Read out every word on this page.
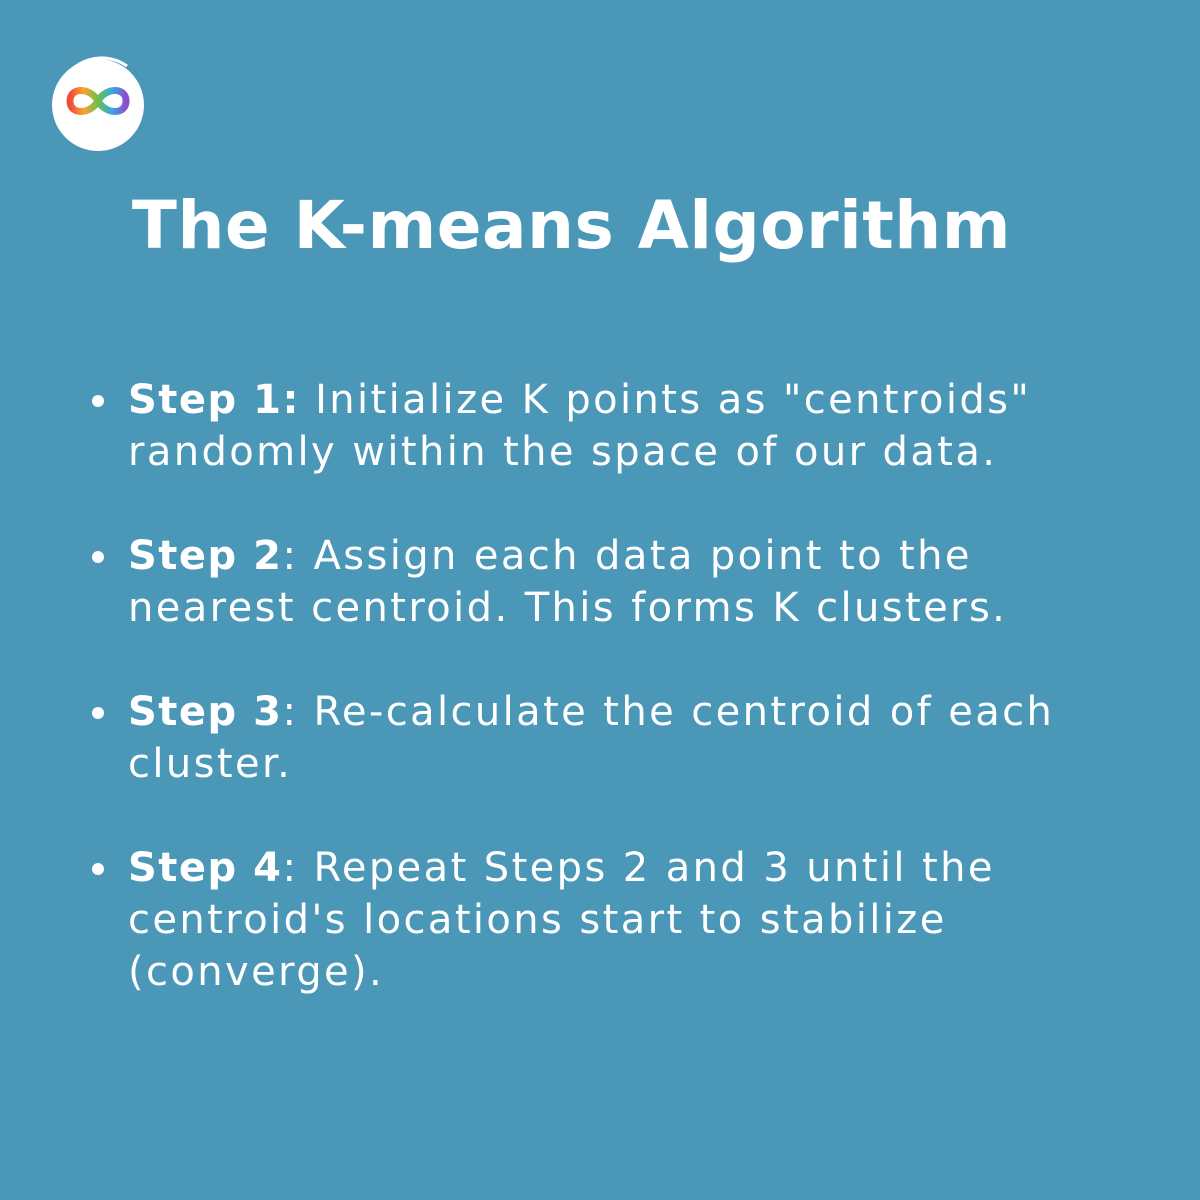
The K-means Algorithm
Step 1: Initialize K points as "centroids" randomly within the space of our data.
Step 2: Assign each data point to the nearest centroid. This forms K clusters.
Step 3: Re-calculate the centroid of each cluster.
Step 4: Repeat Steps 2 and 3 until the centroid's locations start to stabilize (converge).
